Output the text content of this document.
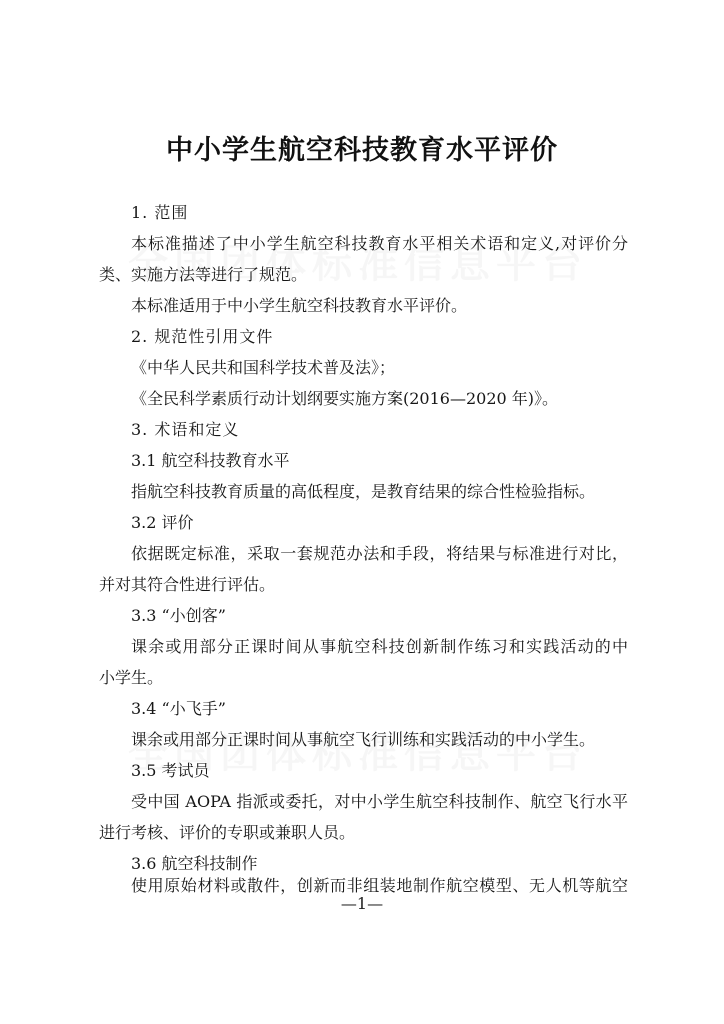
中小学生航空科技教育水平评价
1. 范围
本标准描述了中小学生航空科技教育水平相关术语和定义,对评价分
类、实施方法等进行了规范。
本标准适用于中小学生航空科技教育水平评价。
2. 规范性引用文件
《中华人民共和国科学技术普及法》；
《全民科学素质行动计划纲要实施方案(2016—2020 年)》。
3. 术语和定义
3.1 航空科技教育水平
指航空科技教育质量的高低程度，是教育结果的综合性检验指标。
3.2 评价
依据既定标准，采取一套规范办法和手段，将结果与标准进行对比，
并对其符合性进行评估。
3.3 “小创客”
课余或用部分正课时间从事航空科技创新制作练习和实践活动的中
小学生。
3.4 “小飞手”
课余或用部分正课时间从事航空飞行训练和实践活动的中小学生。
3.5 考试员
受中国 AOPA 指派或委托，对中小学生航空科技制作、航空飞行水平
进行考核、评价的专职或兼职人员。
3.6 航空科技制作
使用原始材料或散件，创新而非组装地制作航空模型、无人机等航空
—1—
